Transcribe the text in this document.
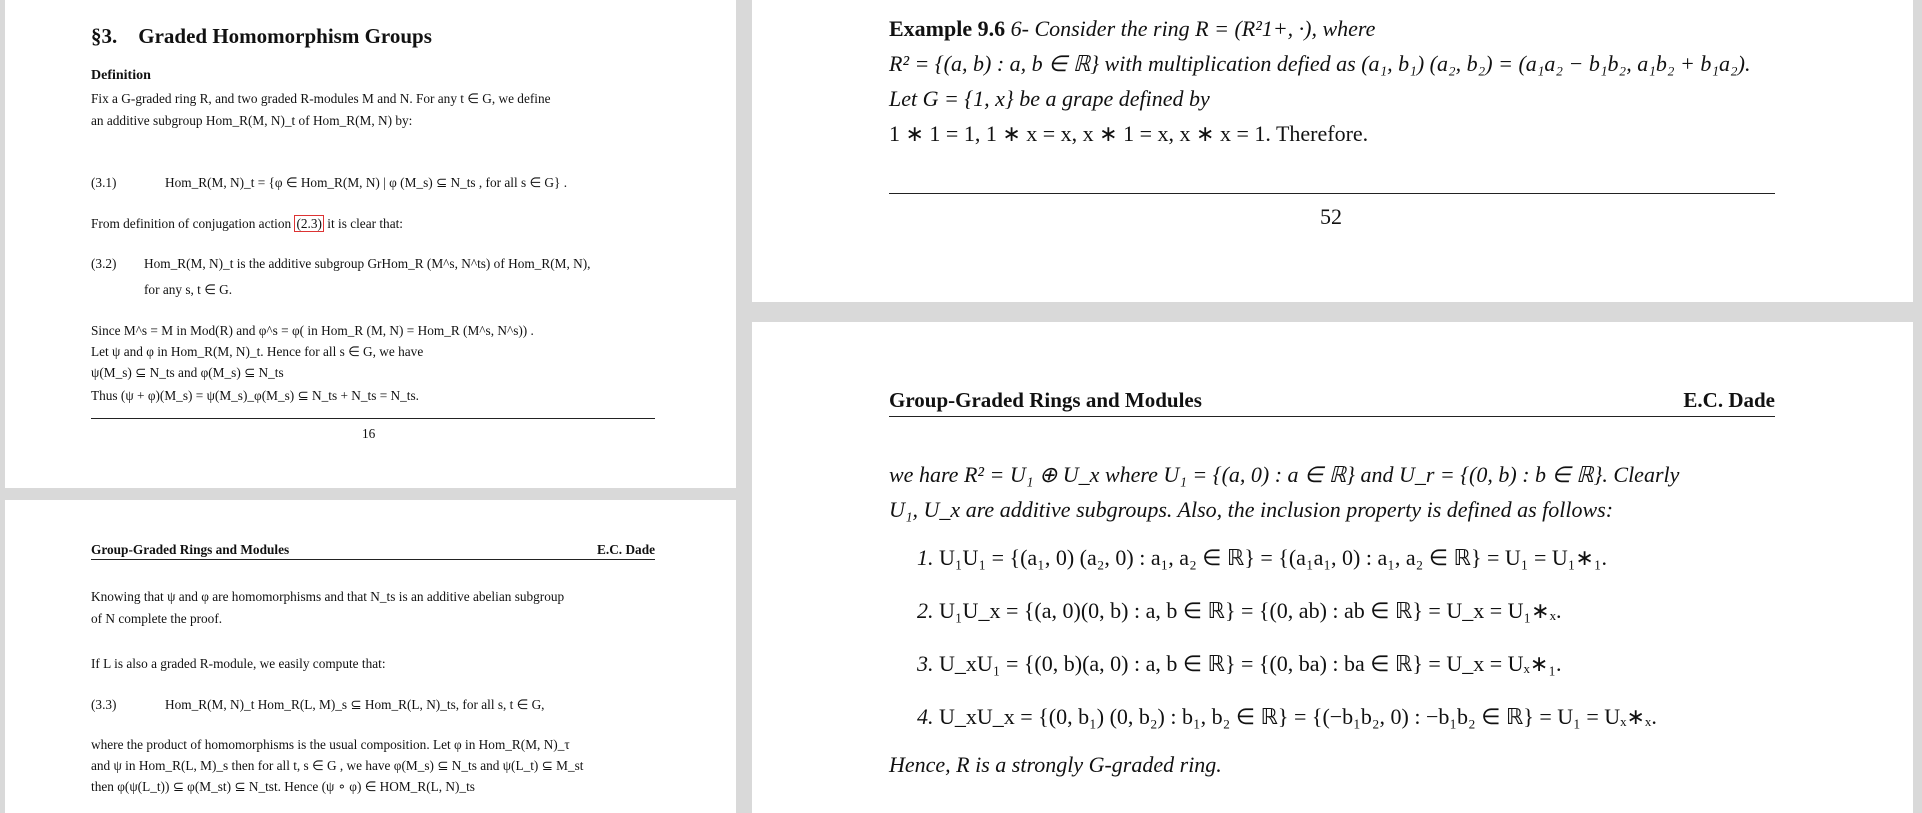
§3. Graded Homomorphism Groups
Definition
Fix a G-graded ring R, and two graded R-modules M and N. For any t ∈ G, we define
an additive subgroup Hom_R(M, N)_t of Hom_R(M, N) by:
(3.1)	Hom_R(M, N)_t = {φ ∈ Hom_R(M, N) | φ (M_s) ⊆ N_ts , for all s ∈ G} .
From definition of conjugation action (2.3) it is clear that:
(3.2) Hom_R(M, N)_t is the additive subgroup GrHom_R (M^s, N^ts) of Hom_R(M, N),
for any s, t ∈ G.
Since M^s = M in Mod(R) and φ^s = φ( in Hom_R (M, N) = Hom_R (M^s, N^s)) .
Let ψ and φ in Hom_R(M, N)_t. Hence for all s ∈ G, we have
ψ(M_s) ⊆ N_ts and φ(M_s) ⊆ N_ts
Thus (ψ + φ)(M_s) = ψ(M_s)_φ(M_s) ⊆ N_ts + N_ts = N_ts.
16
Group-Graded Rings and Modules	E.C. Dade
Knowing that ψ and φ are homomorphisms and that N_ts is an additive abelian subgroup
of N complete the proof.
If L is also a graded R-module, we easily compute that:
(3.3)	Hom_R(M, N)_t Hom_R(L, M)_s ⊆ Hom_R(L, N)_ts, for all s, t ∈ G,
where the product of homomorphisms is the usual composition. Let φ in Hom_R(M, N)_τ
and ψ in Hom_R(L, M)_s then for all t, s ∈ G , we have φ(M_s) ⊆ N_ts and ψ(L_t) ⊆ M_st
then φ(ψ(L_t)) ⊆ φ(M_st) ⊆ N_tst. Hence (ψ ∘ φ) ∈ HOM_R(L, N)_ts
Example 9.6 6- Consider the ring R = (R²1+, ·), where
R² = {(a, b) : a, b ∈ ℝ} with multiplication defied as (a₁, b₁) (a₂, b₂) = (a₁a₂ − b₁b₂, a₁b₂ + b₁a₂).
Let G = {1, x} be a grape defined by
1 ∗ 1 = 1, 1 ∗ x = x, x ∗ 1 = x, x ∗ x = 1. Therefore.
52
Group-Graded Rings and Modules	E.C. Dade
we hare R² = U₁ ⊕ U_x where U₁ = {(a, 0) : a ∈ ℝ} and U_r = {(0, b) : b ∈ ℝ}. Clearly
U₁, U_x are additive subgroups. Also, the inclusion property is defined as follows:
1. U₁U₁ = {(a₁, 0) (a₂, 0) : a₁, a₂ ∈ ℝ} = {(a₁a₁, 0) : a₁, a₂ ∈ ℝ} = U₁ = U₁∗₁.
2. U₁U_x = {(a, 0)(0, b) : a, b ∈ ℝ} = {(0, ab) : ab ∈ ℝ} = U_x = U₁∗ₓ.
3. U_xU₁ = {(0, b)(a, 0) : a, b ∈ ℝ} = {(0, ba) : ba ∈ ℝ} = U_x = Uₓ∗₁.
4. U_xU_x = {(0, b₁) (0, b₂) : b₁, b₂ ∈ ℝ} = {(−b₁b₂, 0) : −b₁b₂ ∈ ℝ} = U₁ = Uₓ∗ₓ.
Hence, R is a strongly G-graded ring.
